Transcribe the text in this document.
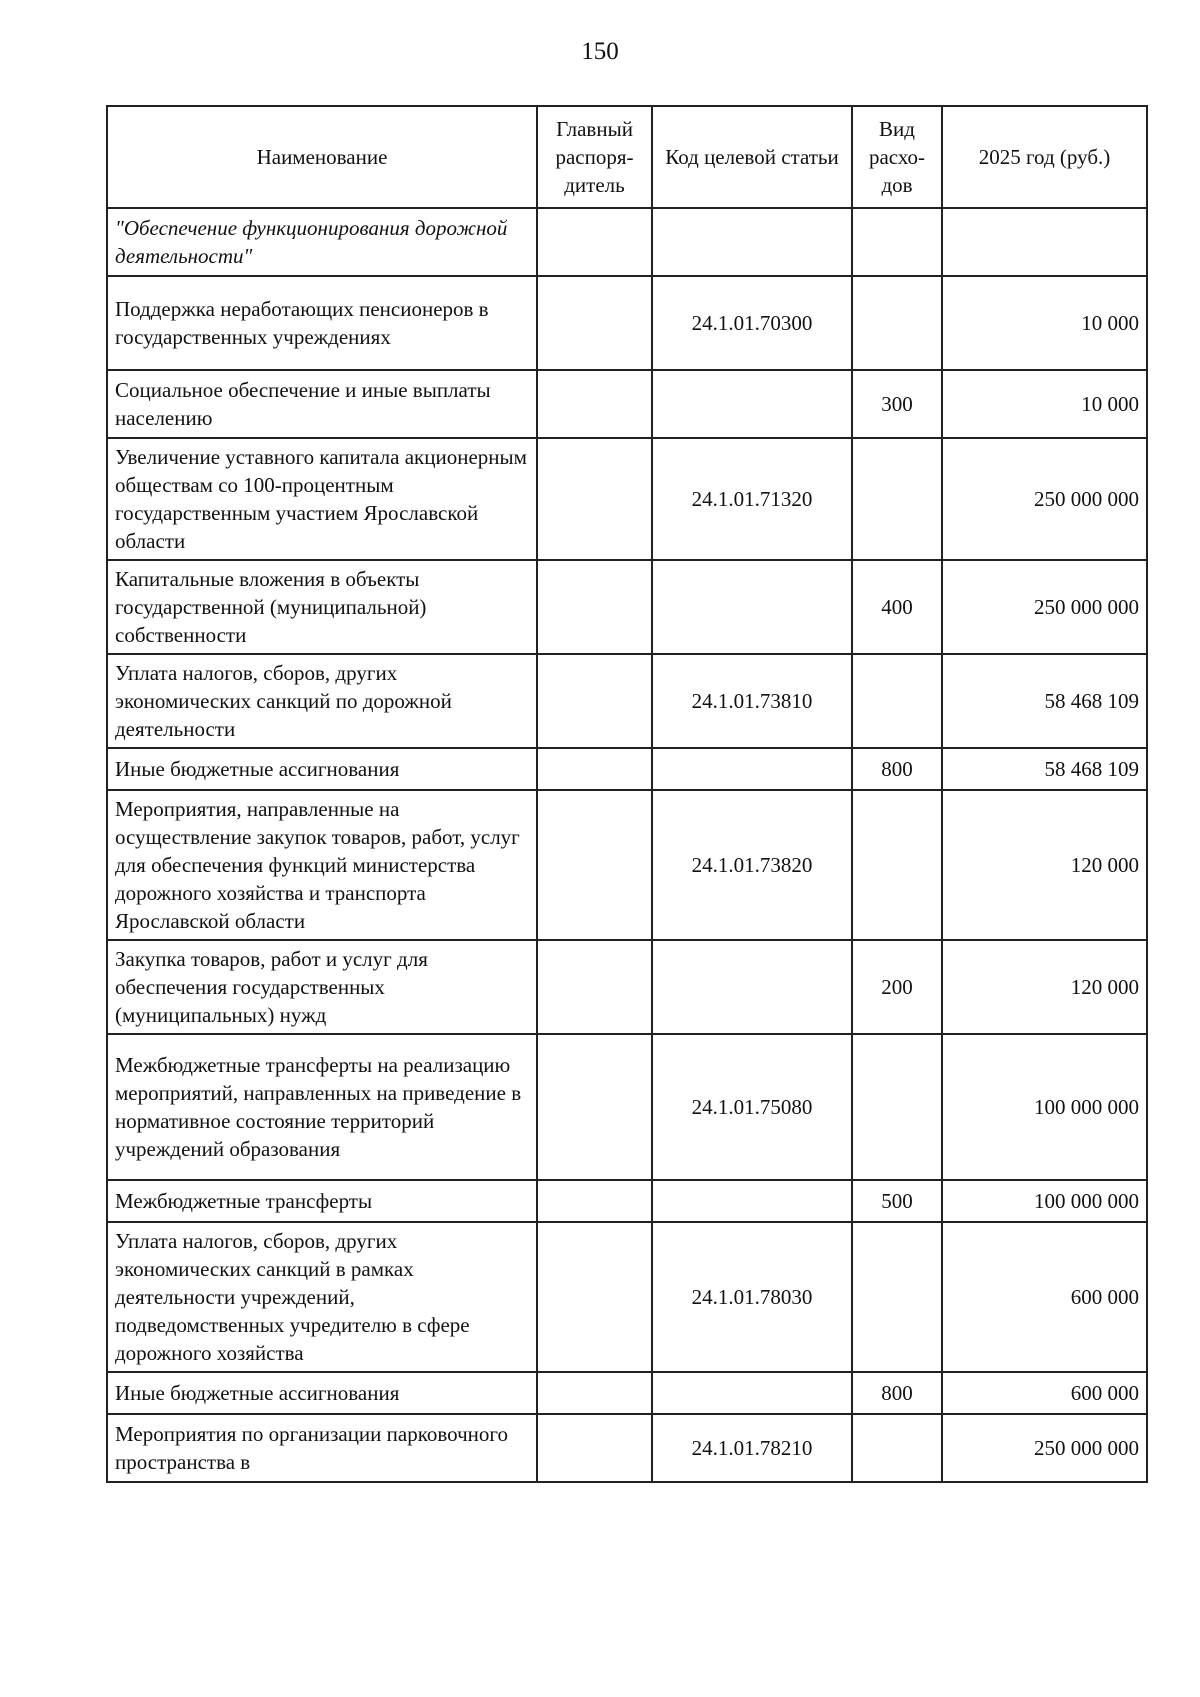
150
Наименование	Главный распоря-дитель	Код целевой статьи	Вид расхо-дов	2025 год (руб.)
"Обеспечение функционирования дорожной деятельности"				
Поддержка неработающих пенсионеров в государственных учреждениях		24.1.01.70300		10 000
Социальное обеспечение и иные выплаты населению			300	10 000
Увеличение уставного капитала акционерным обществам со 100-процентным государственным участием Ярославской области		24.1.01.71320		250 000 000
Капитальные вложения в объекты государственной (муниципальной) собственности			400	250 000 000
Уплата налогов, сборов, других экономических санкций по дорожной деятельности		24.1.01.73810		58 468 109
Иные бюджетные ассигнования			800	58 468 109
Мероприятия, направленные на осуществление закупок товаров, работ, услуг для обеспечения функций министерства дорожного хозяйства и транспорта Ярославской области		24.1.01.73820		120 000
Закупка товаров, работ и услуг для обеспечения государственных (муниципальных) нужд			200	120 000
Межбюджетные трансферты на реализацию мероприятий, направленных на приведение в нормативное состояние территорий учреждений образования		24.1.01.75080		100 000 000
Межбюджетные трансферты			500	100 000 000
Уплата налогов, сборов, других экономических санкций в рамках деятельности учреждений, подведомственных учредителю в сфере дорожного хозяйства		24.1.01.78030		600 000
Иные бюджетные ассигнования			800	600 000
Мероприятия по организации парковочного пространства в		24.1.01.78210		250 000 000
